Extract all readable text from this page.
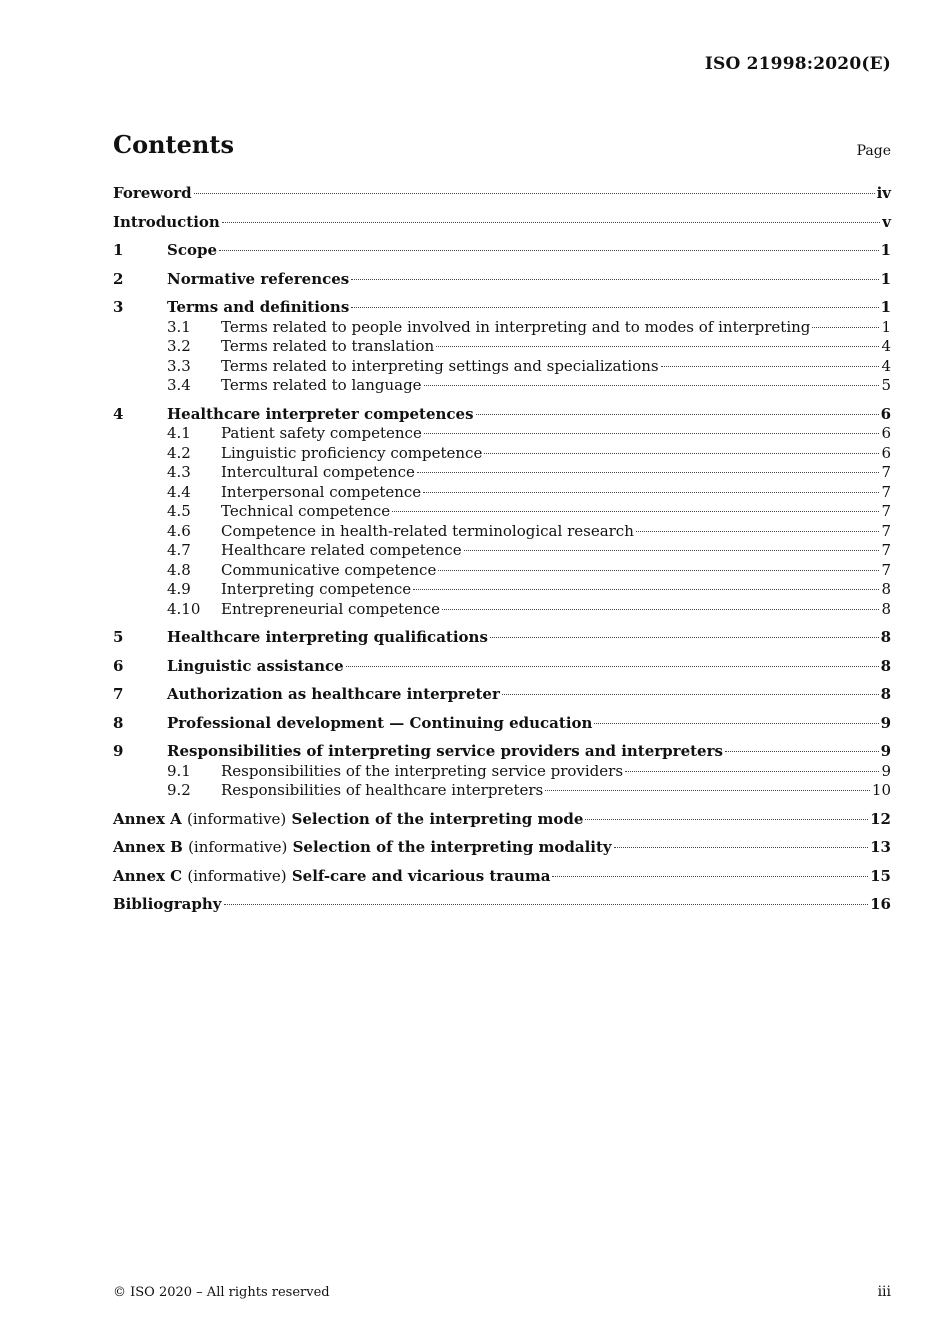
ISO 21998:2020(E)
Contents	Page
Foreword	iv
Introduction	v
1	Scope	1
2	Normative references	1
3	Terms and definitions	1
3.1	Terms related to people involved in interpreting and to modes of interpreting	1
3.2	Terms related to translation	4
3.3	Terms related to interpreting settings and specializations	4
3.4	Terms related to language	5
4	Healthcare interpreter competences	6
4.1	Patient safety competence	6
4.2	Linguistic proficiency competence	6
4.3	Intercultural competence	7
4.4	Interpersonal competence	7
4.5	Technical competence	7
4.6	Competence in health-related terminological research	7
4.7	Healthcare related competence	7
4.8	Communicative competence	7
4.9	Interpreting competence	8
4.10	Entrepreneurial competence	8
5	Healthcare interpreting qualifications	8
6	Linguistic assistance	8
7	Authorization as healthcare interpreter	8
8	Professional development — Continuing education	9
9	Responsibilities of interpreting service providers and interpreters	9
9.1	Responsibilities of the interpreting service providers	9
9.2	Responsibilities of healthcare interpreters	10
Annex A (informative) Selection of the interpreting mode	12
Annex B (informative) Selection of the interpreting modality	13
Annex C (informative) Self-care and vicarious trauma	15
Bibliography	16
© ISO 2020 – All rights reserved	iii
